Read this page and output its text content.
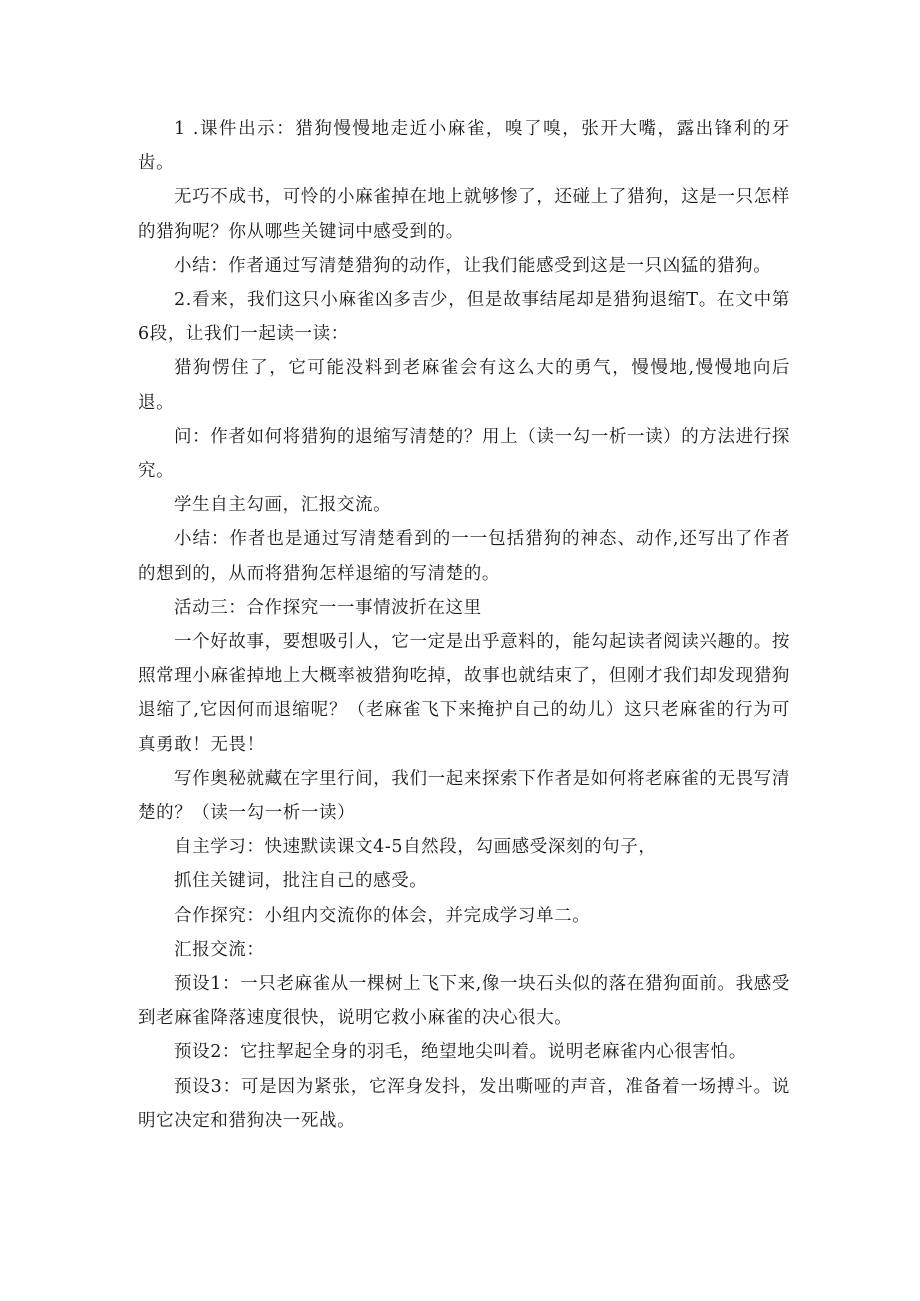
1 .课件出示：猎狗慢慢地走近小麻雀，嗅了嗅，张开大嘴，露出锋利的牙齿。

无巧不成书，可怜的小麻雀掉在地上就够惨了，还碰上了猎狗，这是一只怎样的猎狗呢？你从哪些关键词中感受到的。

小结：作者通过写清楚猎狗的动作，让我们能感受到这是一只凶猛的猎狗。

2.看来，我们这只小麻雀凶多吉少，但是故事结尾却是猎狗退缩T。在文中第6段，让我们一起读一读：

猎狗愣住了，它可能没料到老麻雀会有这么大的勇气，慢慢地,慢慢地向后退。

问：作者如何将猎狗的退缩写清楚的？用上（读一勾一析一读）的方法进行探究。

学生自主勾画，汇报交流。

小结：作者也是通过写清楚看到的一一包括猎狗的神态、动作,还写出了作者的想到的，从而将猎狗怎样退缩的写清楚的。

活动三：合作探究一一事情波折在这里

一个好故事，要想吸引人，它一定是出乎意料的，能勾起读者阅读兴趣的。按照常理小麻雀掉地上大概率被猎狗吃掉，故事也就结束了，但刚才我们却发现猎狗退缩了,它因何而退缩呢？（老麻雀飞下来掩护自己的幼儿）这只老麻雀的行为可真勇敢！无畏！

写作奥秘就藏在字里行间，我们一起来探索下作者是如何将老麻雀的无畏写清楚的？（读一勾一析一读）

自主学习：快速默读课文4-5自然段，勾画感受深刻的句子，

抓住关键词，批注自己的感受。

合作探究：小组内交流你的体会，并完成学习单二。

汇报交流：

预设1：一只老麻雀从一棵树上飞下来,像一块石头似的落在猎狗面前。我感受到老麻雀降落速度很快，说明它救小麻雀的决心很大。

预设2：它拄挈起全身的羽毛，绝望地尖叫着。说明老麻雀内心很害怕。

预设3：可是因为紧张，它浑身发抖，发出嘶哑的声音，准备着一场搏斗。说明它决定和猎狗决一死战。
